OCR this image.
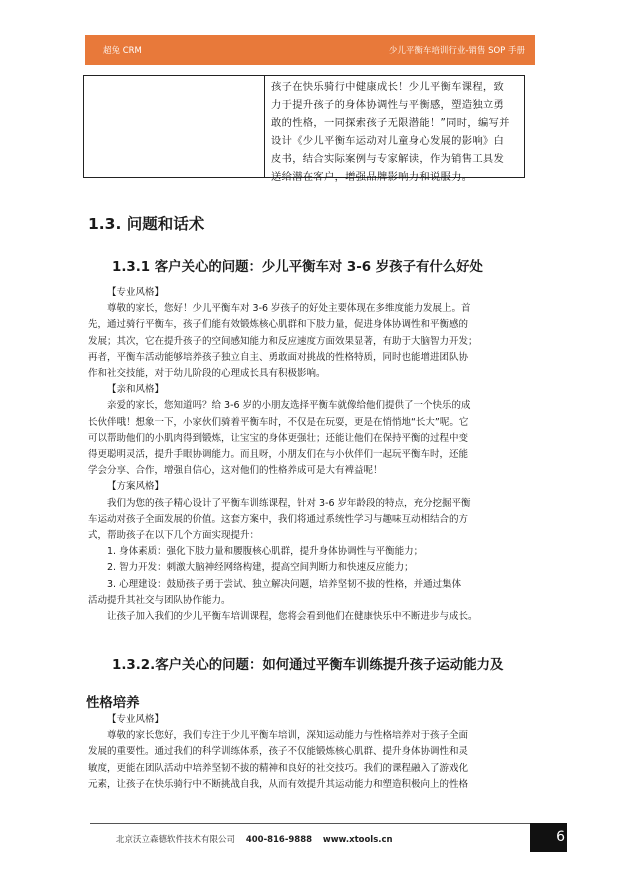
超兔 CRM	少儿平衡车培训行业-销售 SOP 手册
孩子在快乐骑行中健康成长！少儿平衡车课程，致
力于提升孩子的身体协调性与平衡感，塑造独立勇
敢的性格，一同探索孩子无限潜能！”同时，编写并
设计《少儿平衡车运动对儿童身心发展的影响》白
皮书，结合实际案例与专家解读，作为销售工具发
送给潜在客户，增强品牌影响力和说服力。
1.3. 问题和话术
1.3.1 客户关心的问题：少儿平衡车对 3-6 岁孩子有什么好处

【专业风格】

尊敬的家长，您好！少儿平衡车对 3-6 岁孩子的好处主要体现在多维度能力发展上。首

先，通过骑行平衡车，孩子们能有效锻炼核心肌群和下肢力量，促进身体协调性和平衡感的

发展；其次，它在提升孩子的空间感知能力和反应速度方面效果显著，有助于大脑智力开发；

再者，平衡车活动能够培养孩子独立自主、勇敢面对挑战的性格特质，同时也能增进团队协

作和社交技能，对于幼儿阶段的心理成长具有积极影响。

【亲和风格】

亲爱的家长，您知道吗？给 3-6 岁的小朋友选择平衡车就像给他们提供了一个快乐的成

长伙伴哦！想象一下，小家伙们骑着平衡车时，不仅是在玩耍，更是在悄悄地“长大”呢。它

可以帮助他们的小肌肉得到锻炼，让宝宝的身体更强壮；还能让他们在保持平衡的过程中变

得更聪明灵活，提升手眼协调能力。而且呀，小朋友们在与小伙伴们一起玩平衡车时，还能

学会分享、合作，增强自信心，这对他们的性格养成可是大有裨益呢！

【方案风格】

我们为您的孩子精心设计了平衡车训练课程，针对 3-6 岁年龄段的特点，充分挖掘平衡

车运动对孩子全面发展的价值。这套方案中，我们将通过系统性学习与趣味互动相结合的方

式，帮助孩子在以下几个方面实现提升：

1. 身体素质：强化下肢力量和腰腹核心肌群，提升身体协调性与平衡能力；

2. 智力开发：刺激大脑神经网络构建，提高空间判断力和快速反应能力；

3. 心理建设：鼓励孩子勇于尝试、独立解决问题，培养坚韧不拔的性格，并通过集体

活动提升其社交与团队协作能力。

让孩子加入我们的少儿平衡车培训课程，您将会看到他们在健康快乐中不断进步与成长。

1.3.2.客户关心的问题：如何通过平衡车训练提升孩子运动能力及
性格培养

【专业风格】

尊敬的家长您好，我们专注于少儿平衡车培训，深知运动能力与性格培养对于孩子全面

发展的重要性。通过我们的科学训练体系，孩子不仅能锻炼核心肌群、提升身体协调性和灵

敏度，更能在团队活动中培养坚韧不拔的精神和良好的社交技巧。我们的课程融入了游戏化

元素，让孩子在快乐骑行中不断挑战自我，从而有效提升其运动能力和塑造积极向上的性格

北京沃立森德软件技术有限公司 400-816-9888 www.xtools.cn	6
